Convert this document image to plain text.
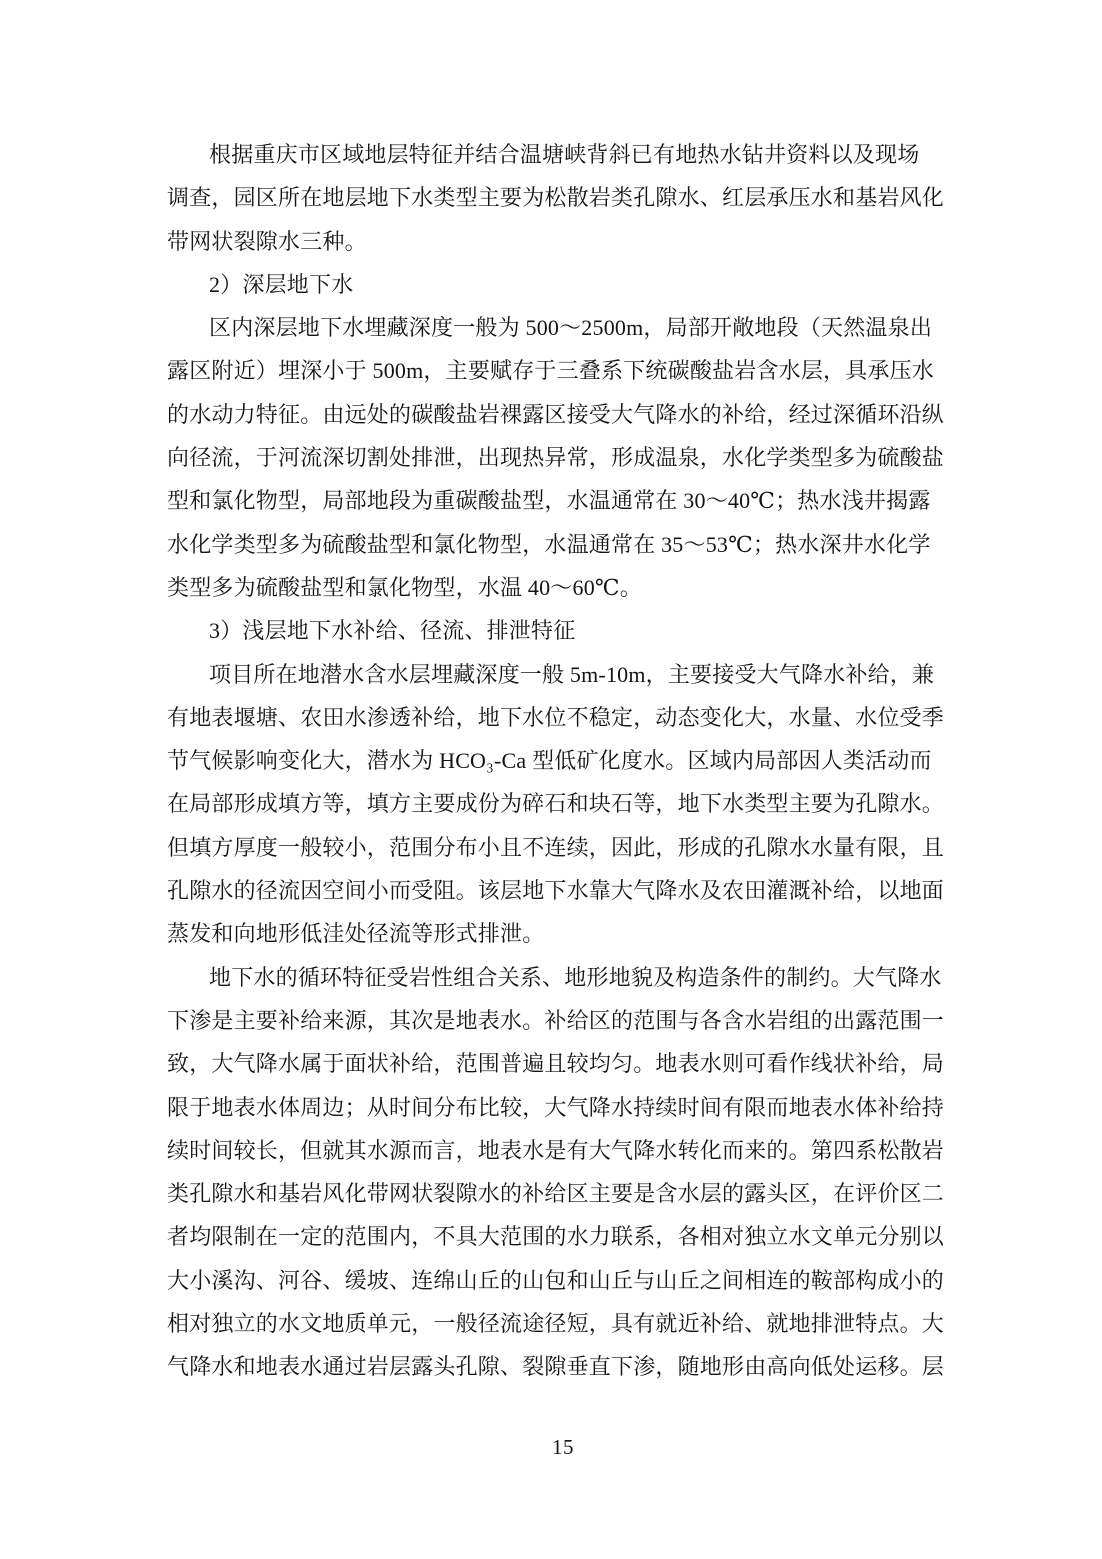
根据重庆市区域地层特征并结合温塘峡背斜已有地热水钻井资料以及现场
调查，园区所在地层地下水类型主要为松散岩类孔隙水、红层承压水和基岩风化
带网状裂隙水三种。
2）深层地下水
区内深层地下水埋藏深度一般为 500～2500m，局部开敞地段（天然温泉出
露区附近）埋深小于 500m，主要赋存于三叠系下统碳酸盐岩含水层，具承压水
的水动力特征。由远处的碳酸盐岩裸露区接受大气降水的补给，经过深循环沿纵
向径流，于河流深切割处排泄，出现热异常，形成温泉，水化学类型多为硫酸盐
型和氯化物型，局部地段为重碳酸盐型，水温通常在 30～40℃；热水浅井揭露
水化学类型多为硫酸盐型和氯化物型，水温通常在 35～53℃；热水深井水化学
类型多为硫酸盐型和氯化物型，水温 40～60℃。
3）浅层地下水补给、径流、排泄特征
项目所在地潜水含水层埋藏深度一般 5m-10m，主要接受大气降水补给，兼
有地表堰塘、农田水渗透补给，地下水位不稳定，动态变化大，水量、水位受季
节气候影响变化大，潜水为 HCO₃-Ca 型低矿化度水。区域内局部因人类活动而
在局部形成填方等，填方主要成份为碎石和块石等，地下水类型主要为孔隙水。
但填方厚度一般较小，范围分布小且不连续，因此，形成的孔隙水水量有限，且
孔隙水的径流因空间小而受阻。该层地下水靠大气降水及农田灌溉补给，以地面
蒸发和向地形低洼处径流等形式排泄。
地下水的循环特征受岩性组合关系、地形地貌及构造条件的制约。大气降水
下渗是主要补给来源，其次是地表水。补给区的范围与各含水岩组的出露范围一
致，大气降水属于面状补给，范围普遍且较均匀。地表水则可看作线状补给，局
限于地表水体周边；从时间分布比较，大气降水持续时间有限而地表水体补给持
续时间较长，但就其水源而言，地表水是有大气降水转化而来的。第四系松散岩
类孔隙水和基岩风化带网状裂隙水的补给区主要是含水层的露头区，在评价区二
者均限制在一定的范围内，不具大范围的水力联系，各相对独立水文单元分别以
大小溪沟、河谷、缓坡、连绵山丘的山包和山丘与山丘之间相连的鞍部构成小的
相对独立的水文地质单元，一般径流途径短，具有就近补给、就地排泄特点。大
气降水和地表水通过岩层露头孔隙、裂隙垂直下渗，随地形由高向低处运移。层
15
